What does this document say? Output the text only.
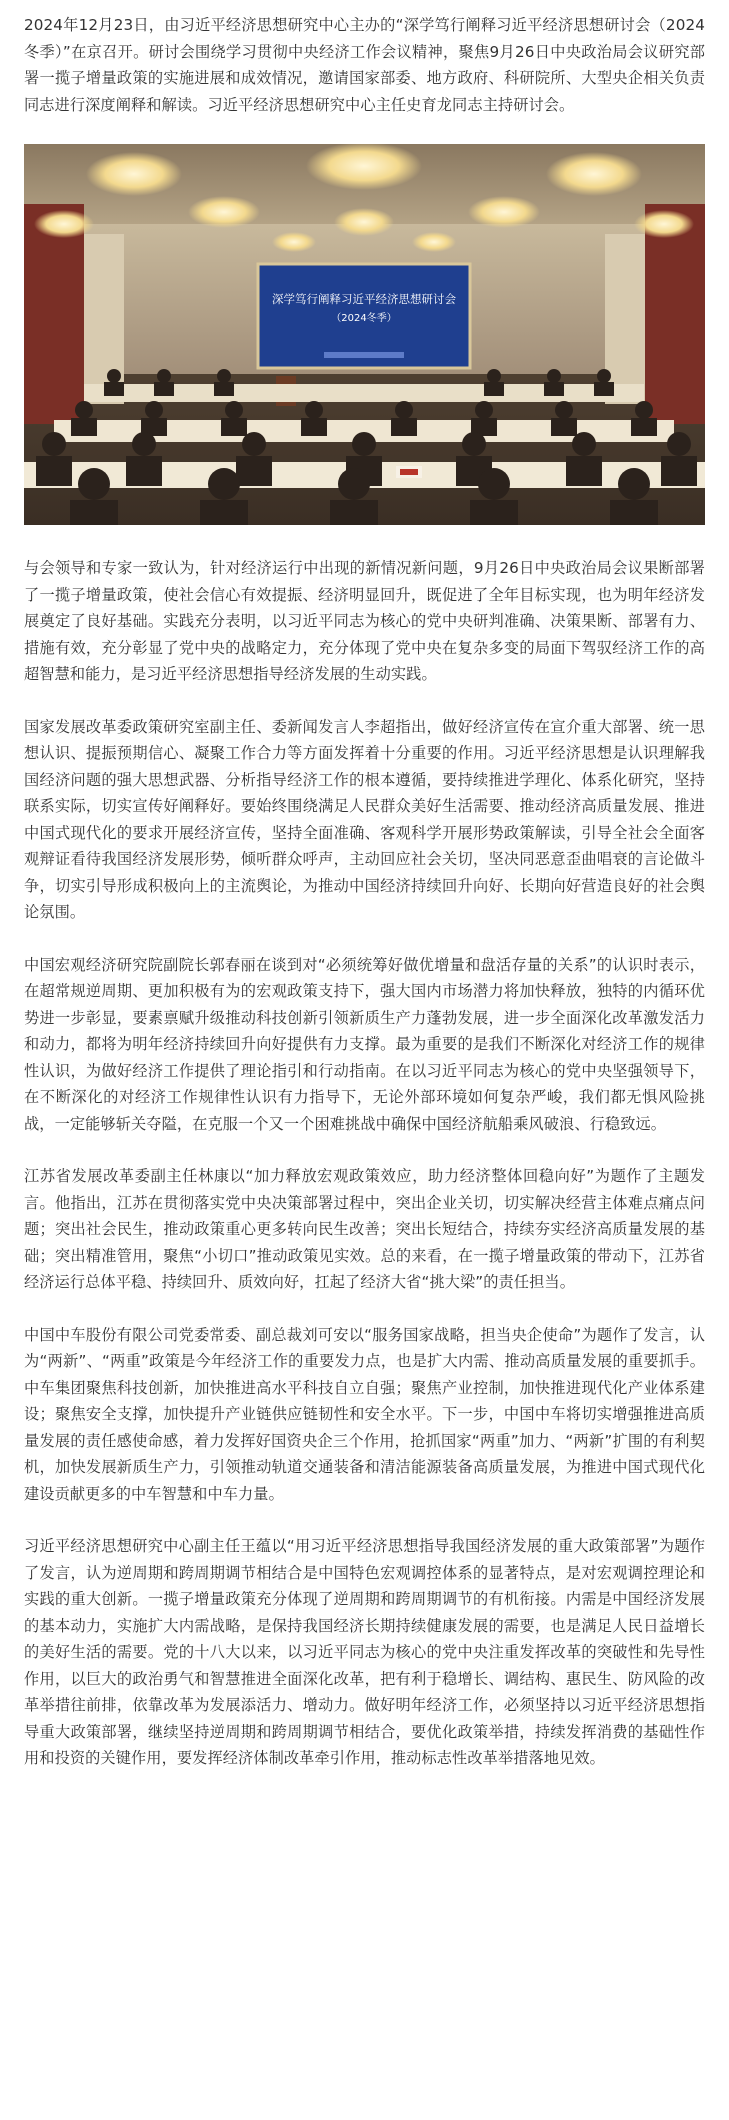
2024年12月23日，由习近平经济思想研究中心主办的“深学笃行阐释习近平经济思想研讨会（2024冬季）”在京召开。研讨会围绕学习贯彻中央经济工作会议精神，聚焦9月26日中央政治局会议研究部署一揽子增量政策的实施进展和成效情况，邀请国家部委、地方政府、科研院所、大型央企相关负责同志进行深度阐释和解读。习近平经济思想研究中心主任史育龙同志主持研讨会。

深学笃行阐释习近平经济思想研讨会
（2024冬季）

与会领导和专家一致认为，针对经济运行中出现的新情况新问题，9月26日中央政治局会议果断部署了一揽子增量政策，使社会信心有效提振、经济明显回升，既促进了全年目标实现，也为明年经济发展奠定了良好基础。实践充分表明，以习近平同志为核心的党中央研判准确、决策果断、部署有力、措施有效，充分彰显了党中央的战略定力，充分体现了党中央在复杂多变的局面下驾驭经济工作的高超智慧和能力，是习近平经济思想指导经济发展的生动实践。

国家发展改革委政策研究室副主任、委新闻发言人李超指出，做好经济宣传在宣介重大部署、统一思想认识、提振预期信心、凝聚工作合力等方面发挥着十分重要的作用。习近平经济思想是认识理解我国经济问题的强大思想武器、分析指导经济工作的根本遵循，要持续推进学理化、体系化研究，坚持联系实际，切实宣传好阐释好。要始终围绕满足人民群众美好生活需要、推动经济高质量发展、推进中国式现代化的要求开展经济宣传，坚持全面准确、客观科学开展形势政策解读，引导全社会全面客观辩证看待我国经济发展形势，倾听群众呼声，主动回应社会关切，坚决同恶意歪曲唱衰的言论做斗争，切实引导形成积极向上的主流舆论，为推动中国经济持续回升向好、长期向好营造良好的社会舆论氛围。

中国宏观经济研究院副院长郭春丽在谈到对“必须统筹好做优增量和盘活存量的关系”的认识时表示，在超常规逆周期、更加积极有为的宏观政策支持下，强大国内市场潜力将加快释放，独特的内循环优势进一步彰显，要素禀赋升级推动科技创新引领新质生产力蓬勃发展，进一步全面深化改革激发活力和动力，都将为明年经济持续回升向好提供有力支撑。最为重要的是我们不断深化对经济工作的规律性认识，为做好经济工作提供了理论指引和行动指南。在以习近平同志为核心的党中央坚强领导下，在不断深化的对经济工作规律性认识有力指导下，无论外部环境如何复杂严峻，我们都无惧风险挑战，一定能够斩关夺隘，在克服一个又一个困难挑战中确保中国经济航船乘风破浪、行稳致远。

江苏省发展改革委副主任林康以“加力释放宏观政策效应，助力经济整体回稳向好”为题作了主题发言。他指出，江苏在贯彻落实党中央决策部署过程中，突出企业关切，切实解决经营主体难点痛点问题；突出社会民生，推动政策重心更多转向民生改善；突出长短结合，持续夯实经济高质量发展的基础；突出精准管用，聚焦“小切口”推动政策见实效。总的来看，在一揽子增量政策的带动下，江苏省经济运行总体平稳、持续回升、质效向好，扛起了经济大省“挑大梁”的责任担当。

中国中车股份有限公司党委常委、副总裁刘可安以“服务国家战略，担当央企使命”为题作了发言，认为“两新”、“两重”政策是今年经济工作的重要发力点，也是扩大内需、推动高质量发展的重要抓手。中车集团聚焦科技创新，加快推进高水平科技自立自强；聚焦产业控制，加快推进现代化产业体系建设；聚焦安全支撑，加快提升产业链供应链韧性和安全水平。下一步，中国中车将切实增强推进高质量发展的责任感使命感，着力发挥好国资央企三个作用，抢抓国家“两重”加力、“两新”扩围的有利契机，加快发展新质生产力，引领推动轨道交通装备和清洁能源装备高质量发展，为推进中国式现代化建设贡献更多的中车智慧和中车力量。

习近平经济思想研究中心副主任王蕴以“用习近平经济思想指导我国经济发展的重大政策部署”为题作了发言，认为逆周期和跨周期调节相结合是中国特色宏观调控体系的显著特点，是对宏观调控理论和实践的重大创新。一揽子增量政策充分体现了逆周期和跨周期调节的有机衔接。内需是中国经济发展的基本动力，实施扩大内需战略，是保持我国经济长期持续健康发展的需要，也是满足人民日益增长的美好生活的需要。党的十八大以来，以习近平同志为核心的党中央注重发挥改革的突破性和先导性作用，以巨大的政治勇气和智慧推进全面深化改革，把有利于稳增长、调结构、惠民生、防风险的改革举措往前排，依靠改革为发展添活力、增动力。做好明年经济工作，必须坚持以习近平经济思想指导重大政策部署，继续坚持逆周期和跨周期调节相结合，要优化政策举措，持续发挥消费的基础性作用和投资的关键作用，要发挥经济体制改革牵引作用，推动标志性改革举措落地见效。
